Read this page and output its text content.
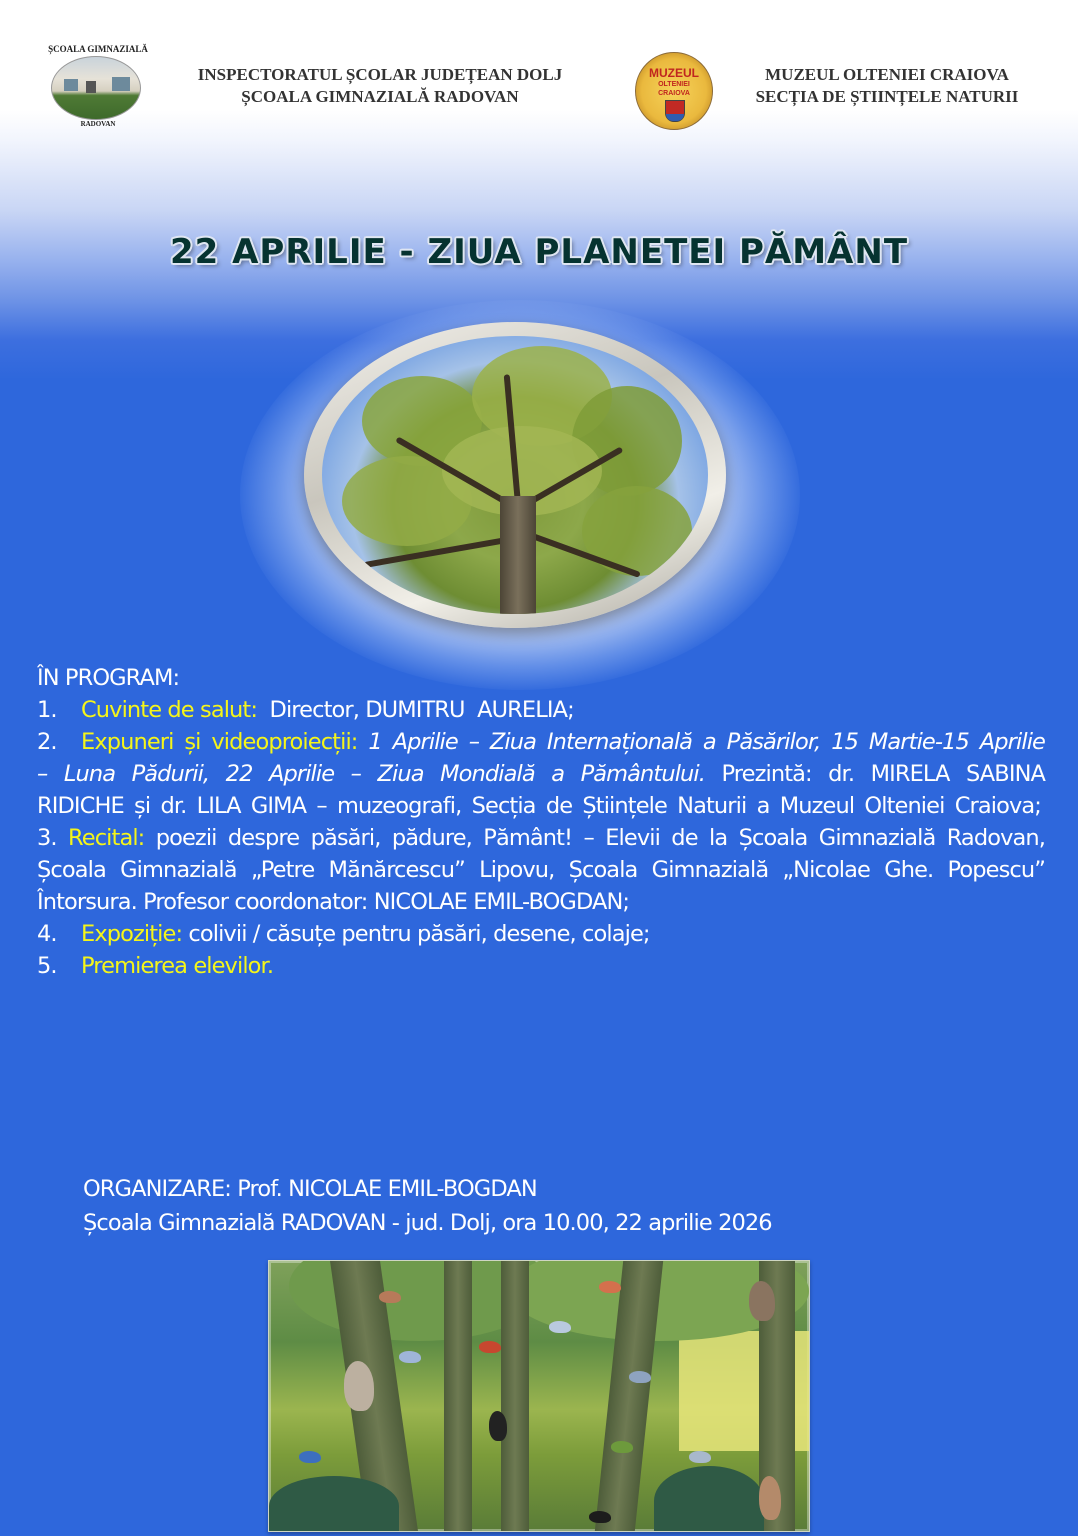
ȘCOALA GIMNAZIALĂ
RADOVAN
INSPECTORATUL ȘCOLAR JUDEȚEAN DOLJ
ȘCOALA GIMNAZIALĂ RADOVAN
MUZEUL
OLTENIEI
CRAIOVA
MUZEUL OLTENIEI CRAIOVA
SECȚIA DE ȘTIINȚELE NATURII
22 APRILIE - ZIUA PLANETEI PĂMÂNT
ÎN PROGRAM:
1. Cuvinte de salut:  Director, DUMITRU  AURELIA;
2. Expuneri și videoproiecții: 1 Aprilie – Ziua Internațională a Păsărilor, 15 Martie-15 Aprilie – Luna Pădurii, 22 Aprilie – Ziua Mondială a Pământului. Prezintă: dr. MIRELA SABINA RIDICHE și dr. LILA GIMA – muzeografi, Secția de Științele Naturii a Muzeul Olteniei Craiova;
3. Recital: poezii despre păsări, pădure, Pământ! – Elevii de la Școala Gimnazială Radovan, Școala Gimnazială „Petre Mănărcescu” Lipovu, Școala Gimnazială „Nicolae Ghe. Popescu” Întorsura. Profesor coordonator: NICOLAE EMIL-BOGDAN;
4. Expoziție: colivii / căsuțe pentru păsări, desene, colaje;
5. Premierea elevilor.
ORGANIZARE: Prof. NICOLAE EMIL-BOGDAN
Școala Gimnazială RADOVAN - jud. Dolj, ora 10.00, 22 aprilie 2026
